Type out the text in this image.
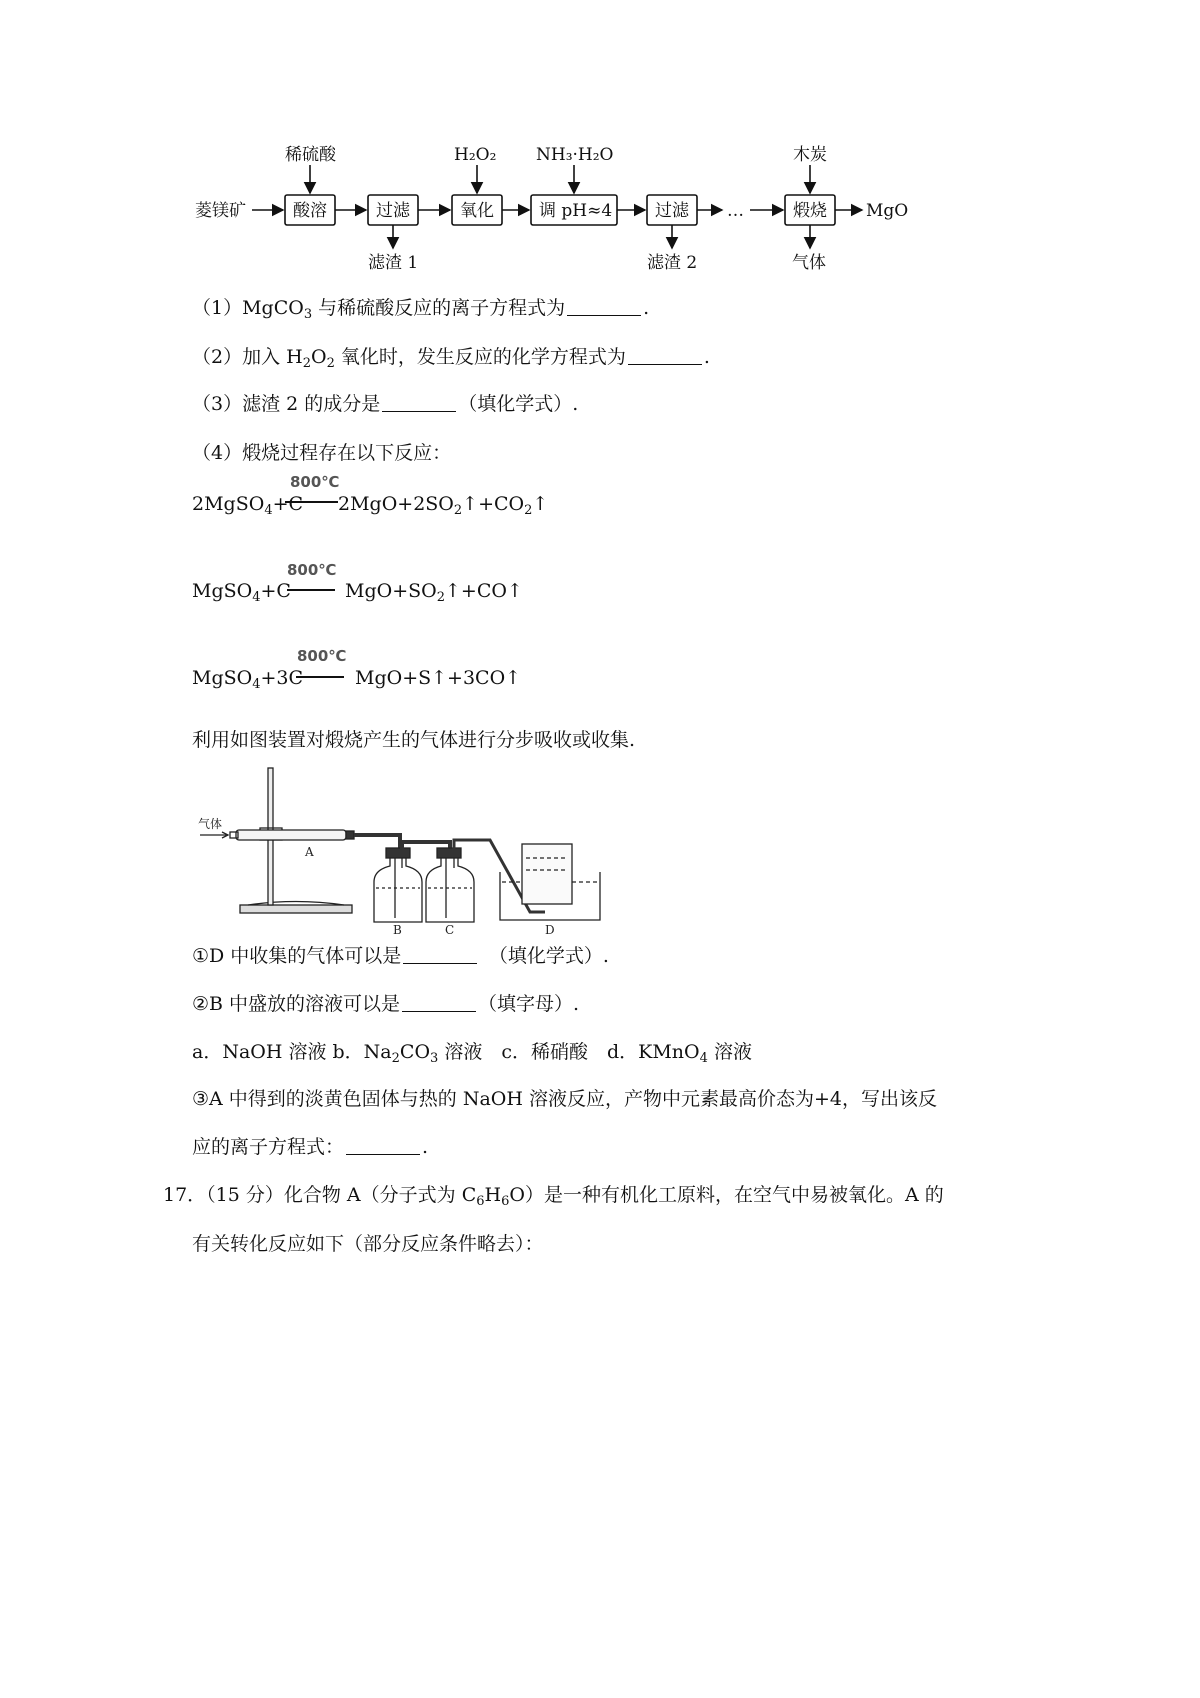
菱镁矿	酸溶	过滤	氧化	调 pH≈4	过滤 …	煅烧 MgO
稀硫酸	H₂O₂ NH₃·H₂O	木炭
滤渣 1	滤渣 2	气体
（1）MgCO$_3$ 与稀硫酸反应的离子方程式为	.
（2）加入 $H_2O_2$ 氧化时，发生反应的化学方程式为	.
（3）滤渣 2 的成分是	（填化学式）.
（4）煅烧过程存在以下反应：
800℃
2MgSO$_4$+C $2MgO+2SO_2↑+CO_2↑$
800℃
MgSO$_4$+C	$MgO+SO_2↑+CO↑$
800℃
MgSO$_4$+3C	MgO+S↑+3CO↑
利用如图装置对煅烧产生的气体进行分步吸收或收集.
气体
A
B	C	D
①D 中收集的气体可以是　	（填化学式）.
②B 中盛放的溶液可以是	（填字母）.
a．NaOH 溶液 b．$Na_2CO_3$ 溶液　c．稀硝酸　d．KMnO$_4$ 溶液
③A 中得到的淡黄色固体与热的 NaOH 溶液反应，产物中元素最高价态为+4，写出该反
应的离子方程式：	.
17．（15 分）化合物 A（分子式为 $C_6H_6O$）是一种有机化工原料，在空气中易被氧化。A 的
有关转化反应如下（部分反应条件略去）：
